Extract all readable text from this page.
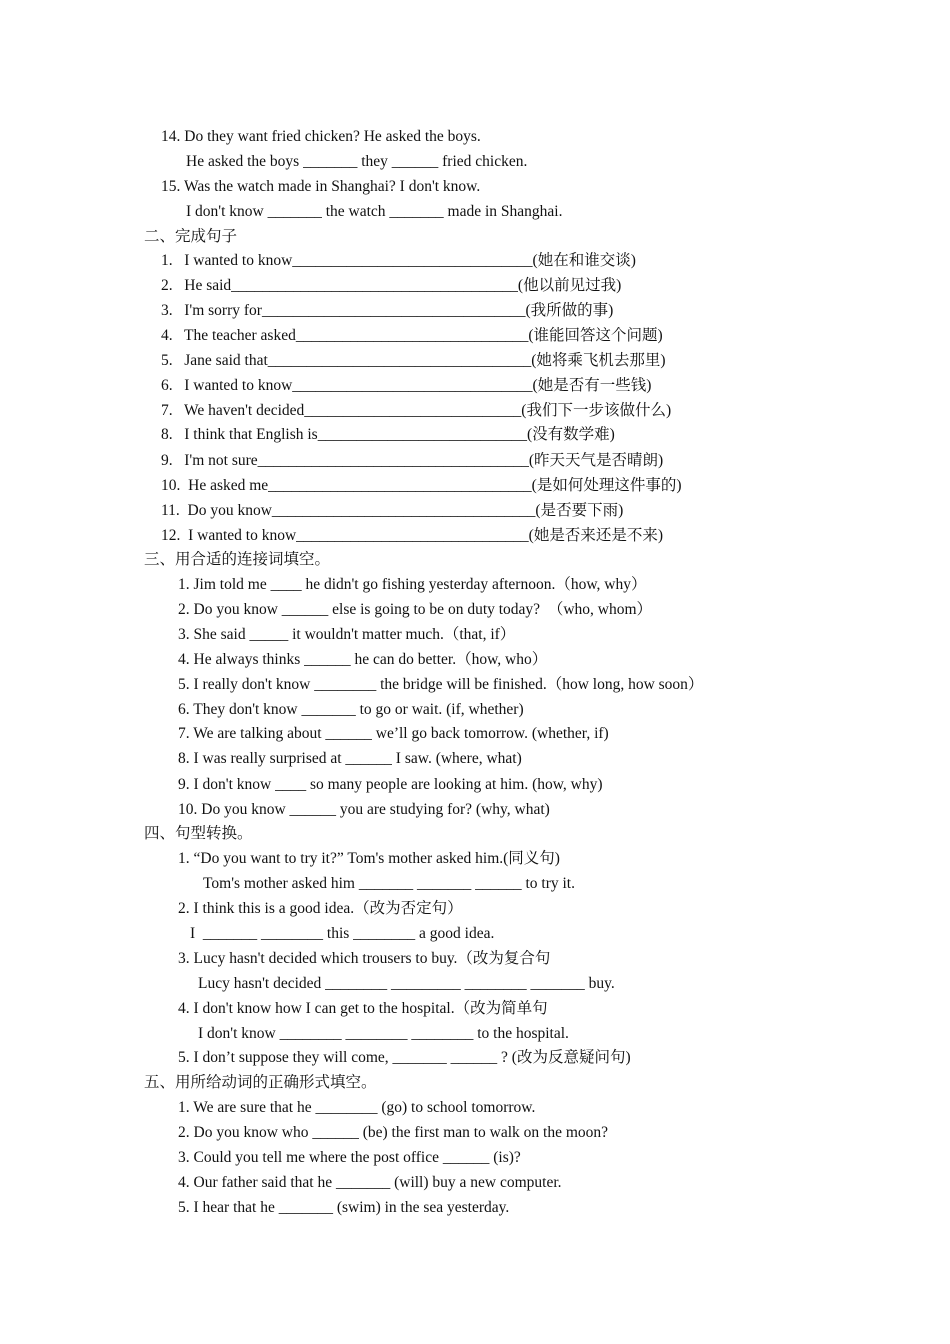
14. Do they want fried chicken? He asked the boys.
He asked the boys _______ they ______ fried chicken.
15. Was the watch made in Shanghai? I don't know.
I don't know _______ the watch _______ made in Shanghai.
二、完成句子
1.   I wanted to know_______________________________(她在和谁交谈)
2.   He said_____________________________________(他以前见过我)
3.   I'm sorry for__________________________________(我所做的事)
4.   The teacher asked______________________________(谁能回答这个问题)
5.   Jane said that__________________________________(她将乘飞机去那里)
6.   I wanted to know_______________________________(她是否有一些钱)
7.   We haven't decided____________________________(我们下一步该做什么)
8.   I think that English is___________________________(没有数学难)
9.   I'm not sure___________________________________(昨天天气是否晴朗)
10.  He asked me__________________________________(是如何处理这件事的)
11.  Do you know__________________________________(是否要下雨)
12.  I wanted to know______________________________(她是否来还是不来)
三、用合适的连接词填空。
1. Jim told me ____ he didn't go fishing yesterday afternoon.（how, why）
2. Do you know ______ else is going to be on duty today?  （who, whom）
3. She said _____ it wouldn't matter much.（that, if）
4. He always thinks ______ he can do better.（how, who）
5. I really don't know ________ the bridge will be finished.（how long, how soon）
6. They don't know _______ to go or wait. (if, whether)
7. We are talking about ______ we’ll go back tomorrow. (whether, if)
8. I was really surprised at ______ I saw. (where, what)
9. I don't know ____ so many people are looking at him. (how, why)
10. Do you know ______ you are studying for? (why, what)
四、句型转换。
1. “Do you want to try it?” Tom's mother asked him.(同义句)
Tom's mother asked him _______ _______ ______ to try it.
2. I think this is a good idea.（改为否定句）
I  _______ ________ this ________ a good idea.
3. Lucy hasn't decided which trousers to buy.（改为复合句
Lucy hasn't decided ________ _________ ________ _______ buy.
4. I don't know how I can get to the hospital.（改为简单句
I don't know ________ ________ ________ to the hospital.
5. I don’t suppose they will come, _______ ______ ? (改为反意疑问句)
五、用所给动词的正确形式填空。
1. We are sure that he ________ (go) to school tomorrow.
2. Do you know who ______ (be) the first man to walk on the moon?
3. Could you tell me where the post office ______ (is)?
4. Our father said that he _______ (will) buy a new computer.
5. I hear that he _______ (swim) in the sea yesterday.
